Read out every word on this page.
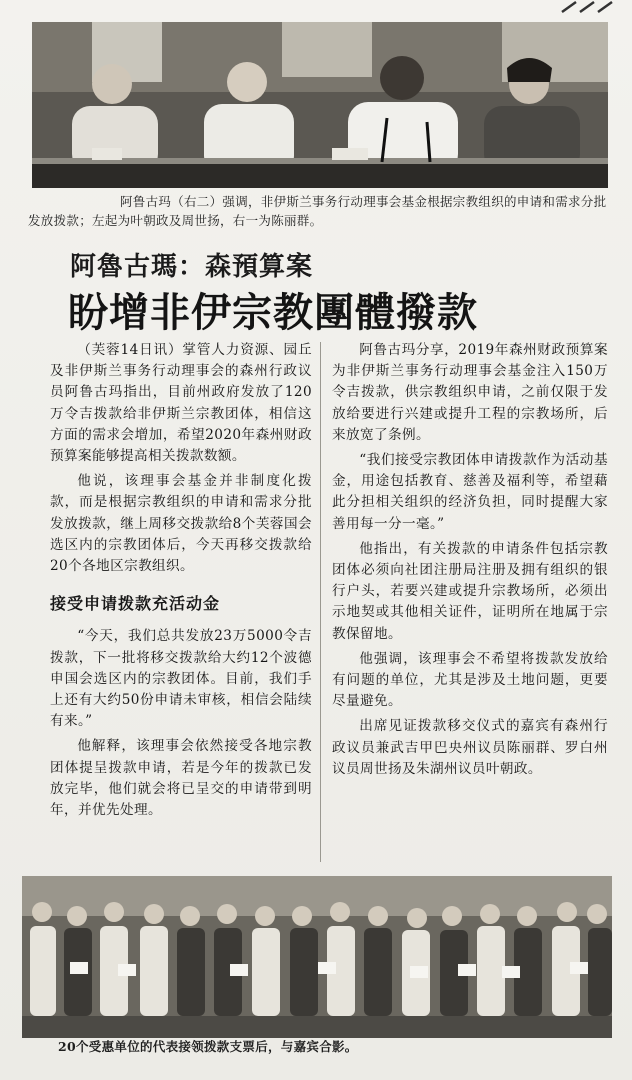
阿鲁古玛（右二）强调，非伊斯兰事务行动理事会基金根据宗教组织的申请和需求分批发放拨款；左起为叶朝政及周世扬，右一为陈丽群。
阿魯古瑪：森預算案
盼增非伊宗教團體撥款

（芙蓉14日讯）掌管人力资源、园丘及非伊斯兰事务行动理事会的森州行政议员阿鲁古玛指出，目前州政府发放了120万令吉拨款给非伊斯兰宗教团体，相信这方面的需求会增加，希望2020年森州财政预算案能够提高相关拨款数额。

他说，该理事会基金并非制度化拨款，而是根据宗教组织的申请和需求分批发放拨款，继上周移交拨款给8个芙蓉国会选区内的宗教团体后，今天再移交拨款给20个各地区宗教组织。

接受申请拨款充活动金

“今天，我们总共发放23万5000令吉拨款，下一批将移交拨款给大约12个波德申国会选区内的宗教团体。目前，我们手上还有大约50份申请未审核，相信会陆续有来。”

他解释，该理事会依然接受各地宗教团体提呈拨款申请，若是今年的拨款已发放完毕，他们就会将已呈交的申请带到明年，并优先处理。

阿鲁古玛分享，2019年森州财政预算案为非伊斯兰事务行动理事会基金注入150万令吉拨款，供宗教组织申请，之前仅限于发放给要进行兴建或提升工程的宗教场所，后来放宽了条例。

“我们接受宗教团体申请拨款作为活动基金，用途包括教育、慈善及福利等，希望藉此分担相关组织的经济负担，同时提醒大家善用每一分一毫。”

他指出，有关拨款的申请条件包括宗教团体必须向社团注册局注册及拥有组织的银行户头，若要兴建或提升宗教场所，必须出示地契或其他相关证件，证明所在地属于宗教保留地。

他强调，该理事会不希望将拨款发放给有问题的单位，尤其是涉及土地问题，更要尽量避免。

出席见证拨款移交仪式的嘉宾有森州行政议员兼武吉甲巴央州议员陈丽群、罗白州议员周世扬及朱湖州议员叶朝政。

20个受惠单位的代表接领拨款支票后，与嘉宾合影。
